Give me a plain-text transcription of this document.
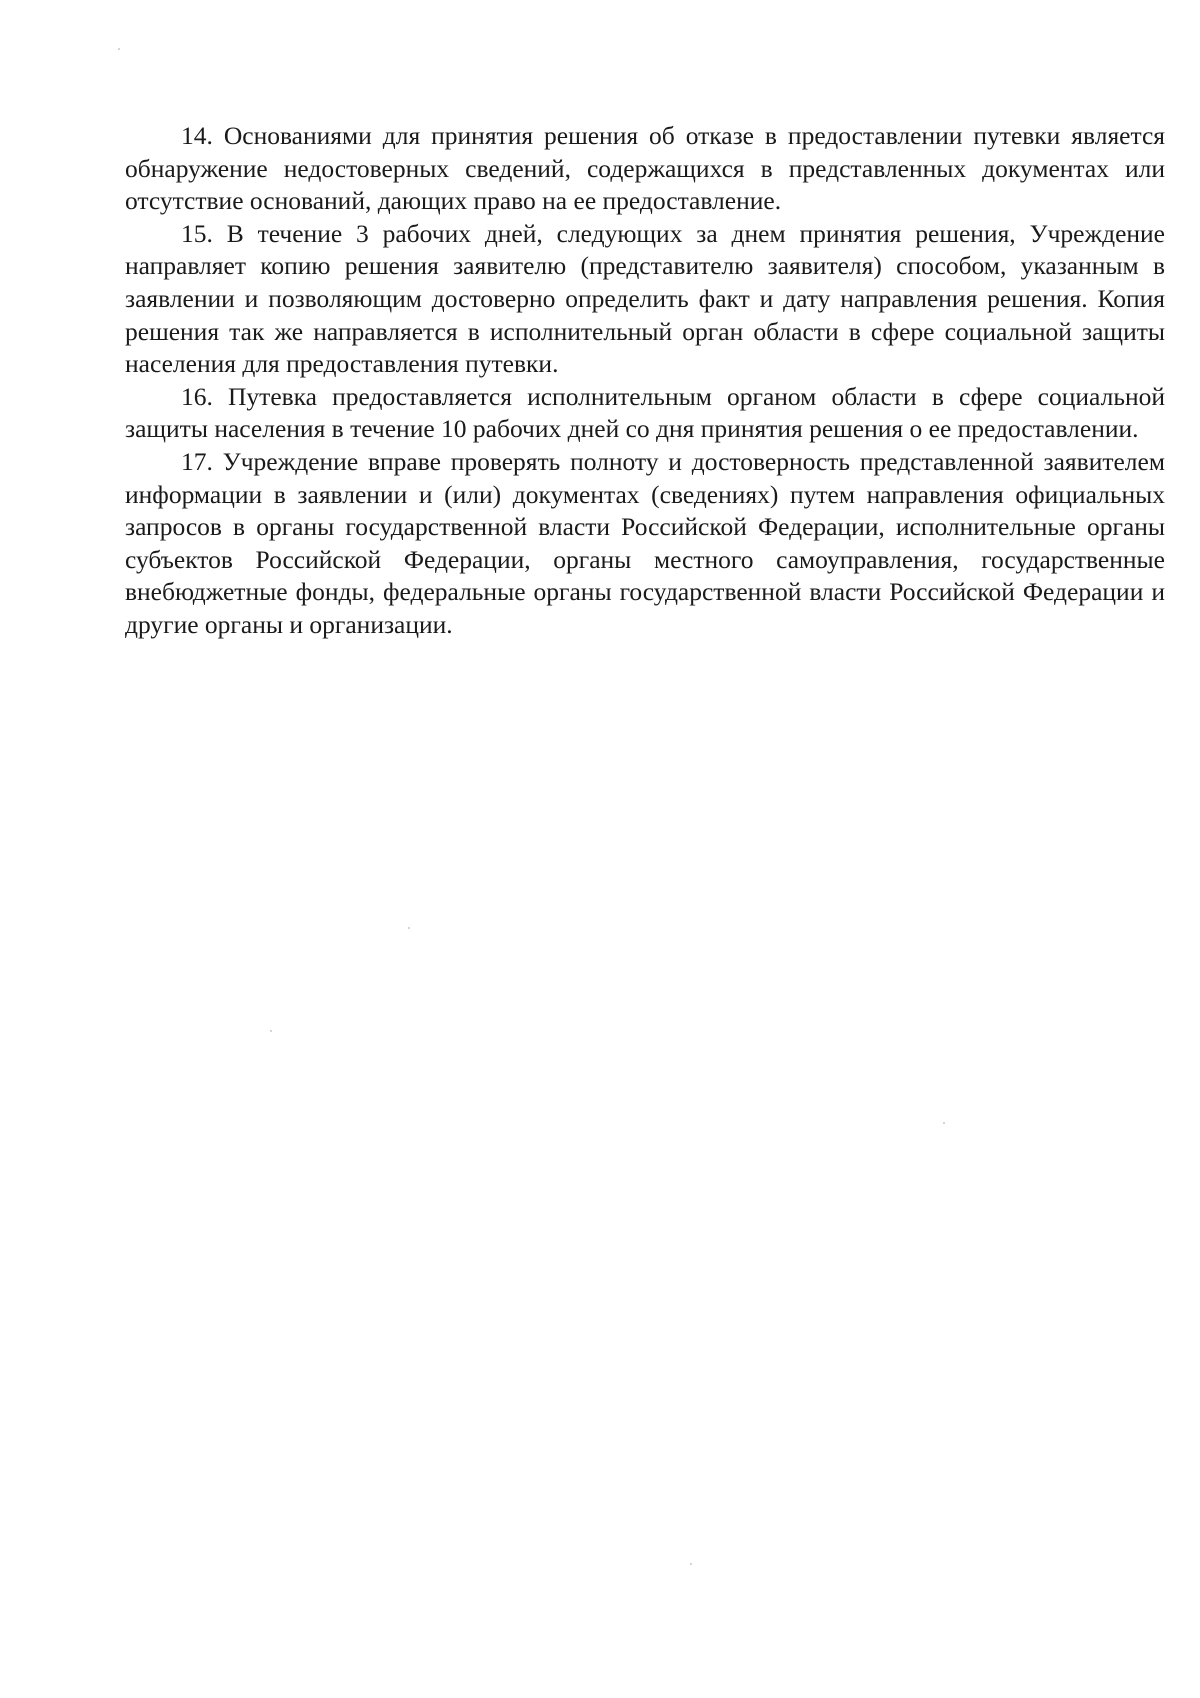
14. Основаниями для принятия решения об отказе в предоставлении путевки является обнаружение недостоверных сведений, содержащихся в представленных документах или отсутствие оснований, дающих право на ее предоставление.

15. В течение 3 рабочих дней, следующих за днем принятия решения, Учреждение направляет копию решения заявителю (представителю заявителя) способом, указанным в заявлении и позволяющим достоверно определить факт и дату направления решения. Копия решения так же направляется в исполнительный орган области в сфере социальной защиты населения для предоставления путевки.

16. Путевка предоставляется исполнительным органом области в сфере социальной защиты населения в течение 10 рабочих дней со дня принятия решения о ее предоставлении.

17. Учреждение вправе проверять полноту и достоверность представленной заявителем информации в заявлении и (или) документах (сведениях) путем направления официальных запросов в органы государственной власти Российской Федерации, исполнительные органы субъектов Российской Федерации, органы местного самоуправления, государственные внебюджетные фонды, федеральные органы государственной власти Российской Федерации и другие органы и организации.
